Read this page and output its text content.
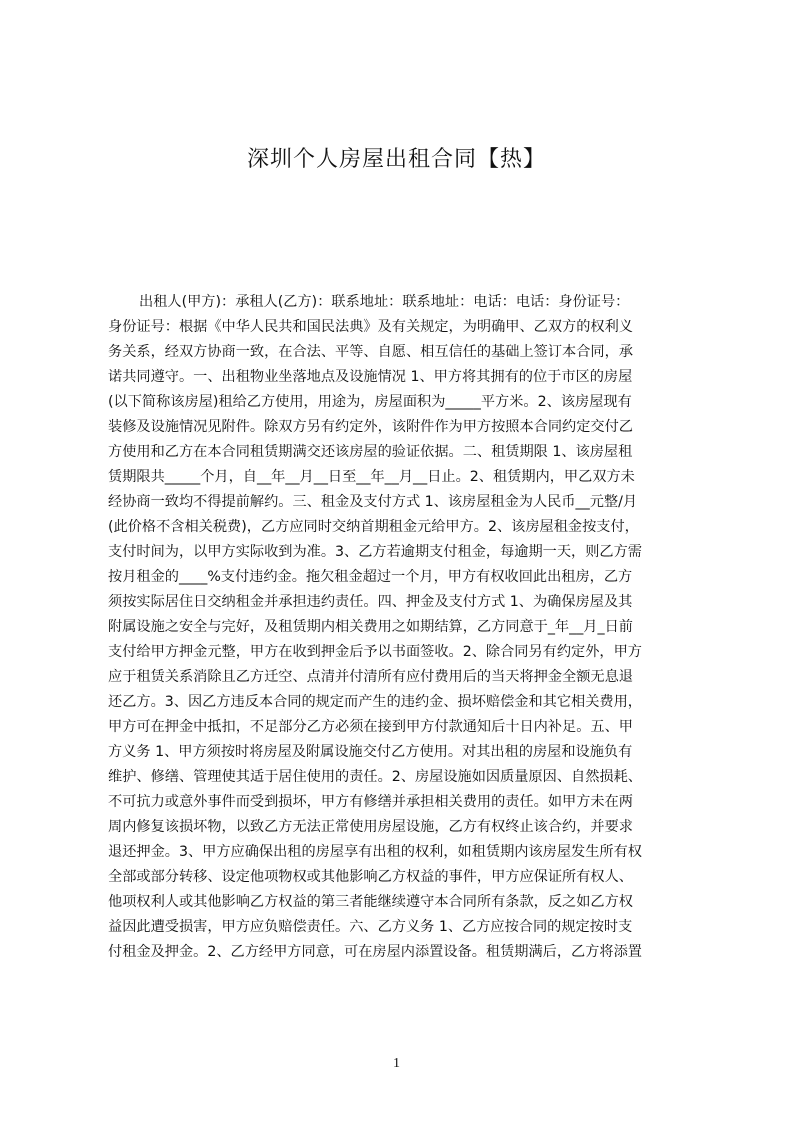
深圳个人房屋出租合同【热】
出租人(甲方)：承租人(乙方)：联系地址：联系地址：电话：电话：身份证号：
身份证号：根据《中华人民共和国民法典》及有关规定，为明确甲、乙双方的权利义
务关系，经双方协商一致，在合法、平等、自愿、相互信任的基础上签订本合同，承
诺共同遵守。一、出租物业坐落地点及设施情况 1、甲方将其拥有的位于市区的房屋
(以下简称该房屋)租给乙方使用，用途为，房屋面积为_____平方米。2、该房屋现有
装修及设施情况见附件。除双方另有约定外，该附件作为甲方按照本合同约定交付乙
方使用和乙方在本合同租赁期满交还该房屋的验证依据。二、租赁期限 1、该房屋租
赁期限共_____个月，自__年__月__日至__年__月__日止。2、租赁期内，甲乙双方未
经协商一致均不得提前解约。三、租金及支付方式 1、该房屋租金为人民币__元整/月
(此价格不含相关税费)，乙方应同时交纳首期租金元给甲方。2、该房屋租金按支付，
支付时间为，以甲方实际收到为准。3、乙方若逾期支付租金，每逾期一天，则乙方需
按月租金的____%支付违约金。拖欠租金超过一个月，甲方有权收回此出租房，乙方
须按实际居住日交纳租金并承担违约责任。四、押金及支付方式 1、为确保房屋及其
附属设施之安全与完好，及租赁期内相关费用之如期结算，乙方同意于_年__月_日前
支付给甲方押金元整，甲方在收到押金后予以书面签收。2、除合同另有约定外，甲方
应于租赁关系消除且乙方迁空、点清并付清所有应付费用后的当天将押金全额无息退
还乙方。3、因乙方违反本合同的规定而产生的违约金、损坏赔偿金和其它相关费用，
甲方可在押金中抵扣，不足部分乙方必须在接到甲方付款通知后十日内补足。五、甲
方义务 1、甲方须按时将房屋及附属设施交付乙方使用。对其出租的房屋和设施负有
维护、修缮、管理使其适于居住使用的责任。2、房屋设施如因质量原因、自然损耗、
不可抗力或意外事件而受到损坏，甲方有修缮并承担相关费用的责任。如甲方未在两
周内修复该损坏物，以致乙方无法正常使用房屋设施，乙方有权终止该合约，并要求
退还押金。3、甲方应确保出租的房屋享有出租的权利，如租赁期内该房屋发生所有权
全部或部分转移、设定他项物权或其他影响乙方权益的事件，甲方应保证所有权人、
他项权利人或其他影响乙方权益的第三者能继续遵守本合同所有条款，反之如乙方权
益因此遭受损害，甲方应负赔偿责任。六、乙方义务 1、乙方应按合同的规定按时支
付租金及押金。2、乙方经甲方同意，可在房屋内添置设备。租赁期满后，乙方将添置
1
